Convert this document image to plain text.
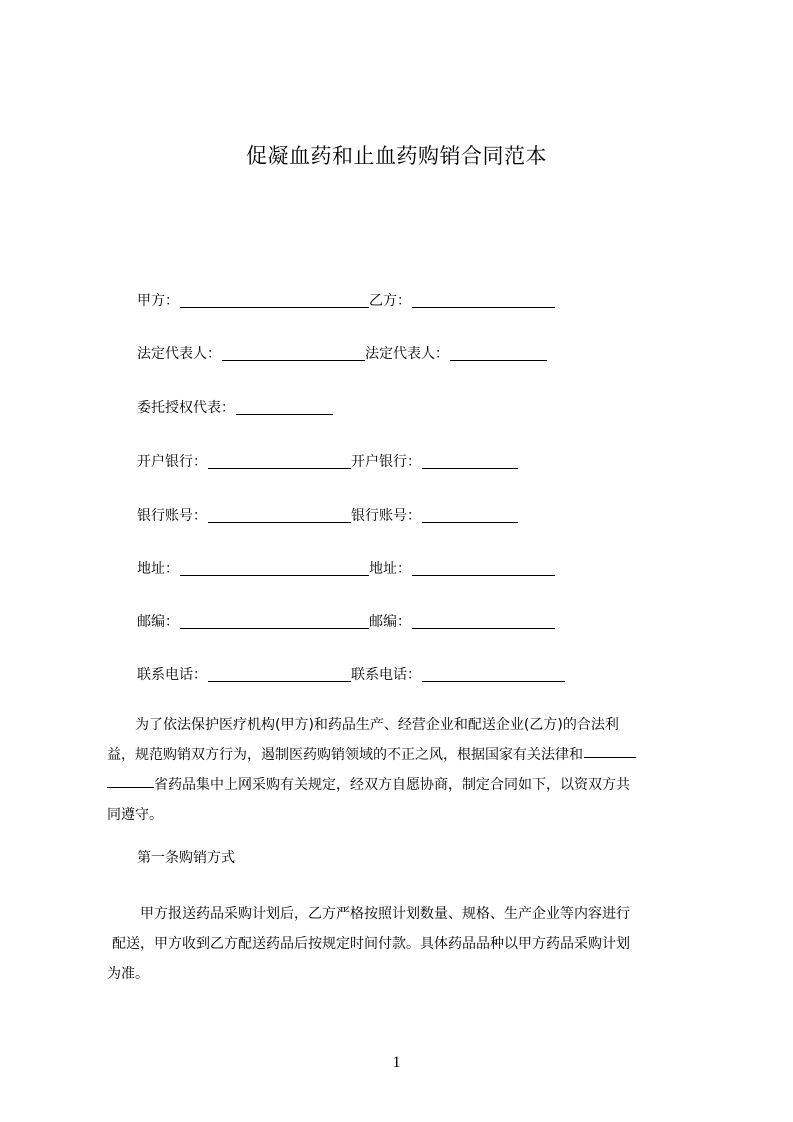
促凝血药和止血药购销合同范本
甲方：	乙方：
法定代表人：	法定代表人：
委托授权代表：
开户银行：	开户银行：
银行账号：	银行账号：
地址：	地址：
邮编：	邮编：
联系电话：	联系电话：
为了依法保护医疗机构(甲方)和药品生产、经营企业和配送企业(乙方)的合法利
益，规范购销双方行为，遏制医药购销领域的不正之风，根据国家有关法律和
省药品集中上网采购有关规定，经双方自愿协商，制定合同如下，以资双方共
同遵守。
第一条购销方式
甲方报送药品采购计划后，乙方严格按照计划数量、规格、生产企业等内容进行
配送，甲方收到乙方配送药品后按规定时间付款。具体药品品种以甲方药品采购计划
为准。
1
